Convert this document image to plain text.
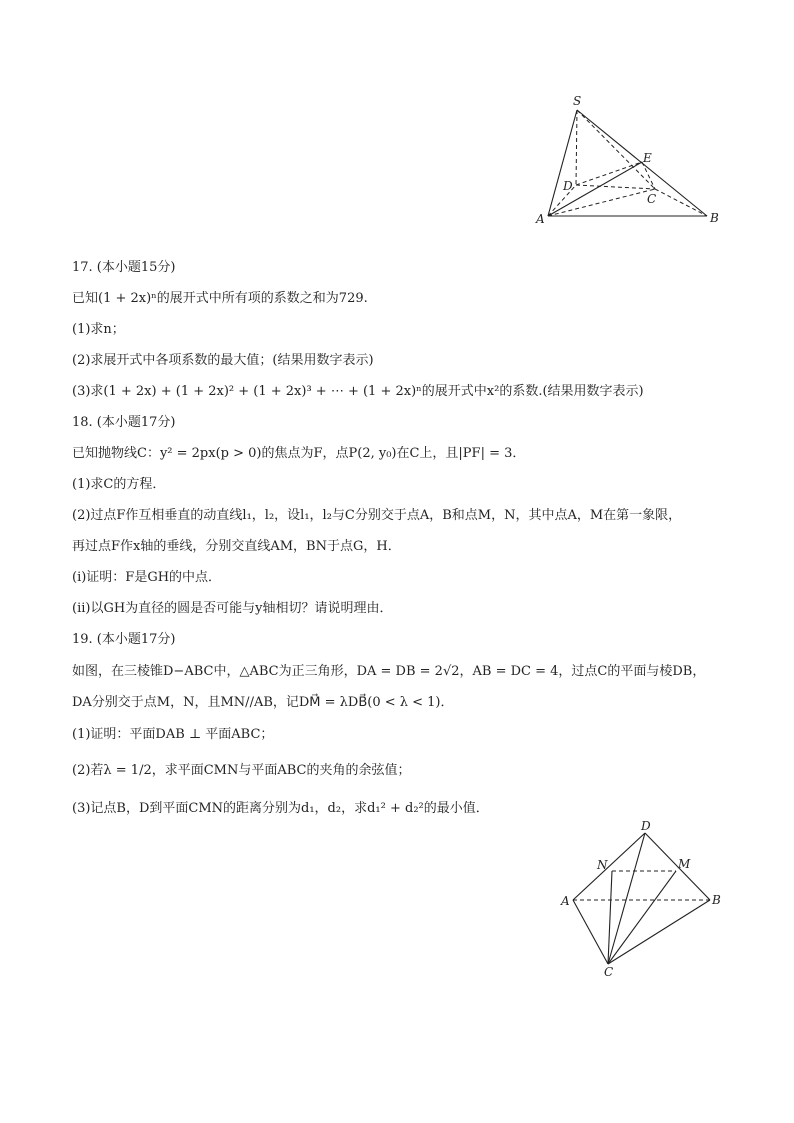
S
E
D
C
A	B
17. (本小题15分)
已知(1 + 2x)ⁿ的展开式中所有项的系数之和为729.
(1)求n；
(2)求展开式中各项系数的最大值；(结果用数字表示)
(3)求(1 + 2x) + (1 + 2x)² + (1 + 2x)³ + ⋯ + (1 + 2x)ⁿ的展开式中x²的系数.(结果用数字表示)
18. (本小题17分)
已知抛物线C：y² = 2px(p > 0)的焦点为F，点P(2, y₀)在C上，且|PF| = 3．
(1)求C的方程．
(2)过点F作互相垂直的动直线l₁，l₂，设l₁，l₂与C分别交于点A，B和点M，N，其中点A，M在第一象限，
再过点F作x轴的垂线，分别交直线AM，BN于点G，H．
(i)证明：F是GH的中点．
(ii)以GH为直径的圆是否可能与y轴相切？请说明理由．
19. (本小题17分)
如图，在三棱锥D−ABC中，△ABC为正三角形，DA = DB = 2√2，AB = DC = 4，过点C的平面与棱DB，
DA分别交于点M，N，且MN//AB，记DM⃗ = λDB⃗(0 < λ < 1)．
(1)证明：平面DAB ⊥ 平面ABC；
(2)若λ = 1/2，求平面CMN与平面ABC的夹角的余弦值；
(3)记点B，D到平面CMN的距离分别为d₁，d₂，求d₁² + d₂²的最小值．
D
N	M
A	B
C
